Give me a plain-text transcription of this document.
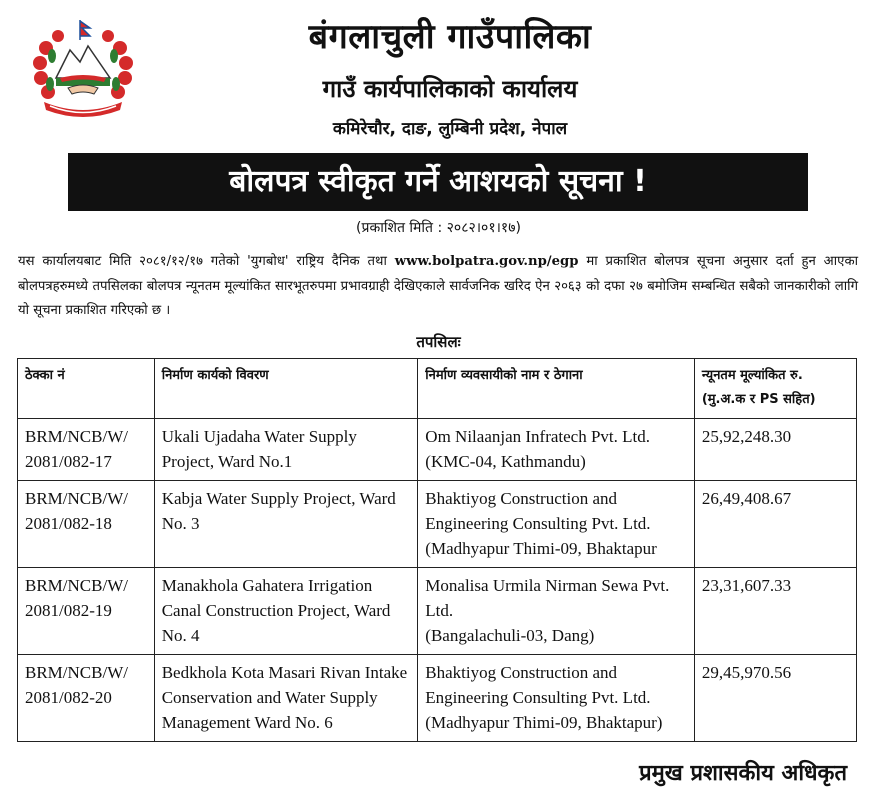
बंगलाचुली गाउँपालिका
गाउँ कार्यपालिकाको कार्यालय
कमिरेचौर, दाङ, लुम्बिनी प्रदेश, नेपाल
बोलपत्र स्वीकृत गर्ने आशयको सूचना !
(प्रकाशित मिति : २०८२।०१।१७)
यस कार्यालयबाट मिति २०८१/१२/१७ गतेको 'युगबोध' राष्ट्रिय दैनिक तथा www.bolpatra.gov.np/egp मा प्रकाशित बोलपत्र सूचना अनुसार दर्ता हुन आएका बोलपत्रहरुमध्ये तपसिलका बोलपत्र न्यूनतम मूल्यांकित सारभूतरुपमा प्रभावग्राही देखिएकाले सार्वजनिक खरिद ऐन २०६३ को दफा २७ बमोजिम सम्बन्धित सबैको जानकारीको लागि यो सूचना प्रकाशित गरिएको छ ।
तपसिलः
ठेक्का नं	निर्माण कार्यको विवरण	निर्माण व्यवसायीको नाम र ठेगाना	न्यूनतम मूल्यांकित रु. (मु.अ.क र PS सहित)
BRM/NCB/W/ 2081/082-17	Ukali Ujadaha Water Supply Project, Ward No.1	Om Nilaanjan Infratech Pvt. Ltd.
(KMC-04, Kathmandu)	25,92,248.30
BRM/NCB/W/ 2081/082-18	Kabja Water Supply Project, Ward No. 3	Bhaktiyog Construction and Engineering Consulting Pvt. Ltd.
(Madhyapur Thimi-09, Bhaktapur	26,49,408.67
BRM/NCB/W/ 2081/082-19	Manakhola Gahatera Irrigation Canal Construction Project, Ward No. 4	Monalisa Urmila Nirman Sewa Pvt. Ltd.
(Bangalachuli-03, Dang)	23,31,607.33
BRM/NCB/W/ 2081/082-20	Bedkhola Kota Masari Rivan Intake Conservation and Water Supply Management Ward No. 6	Bhaktiyog Construction and Engineering Consulting Pvt. Ltd.
(Madhyapur Thimi-09, Bhaktapur)	29,45,970.56
प्रमुख प्रशासकीय अधिकृत
